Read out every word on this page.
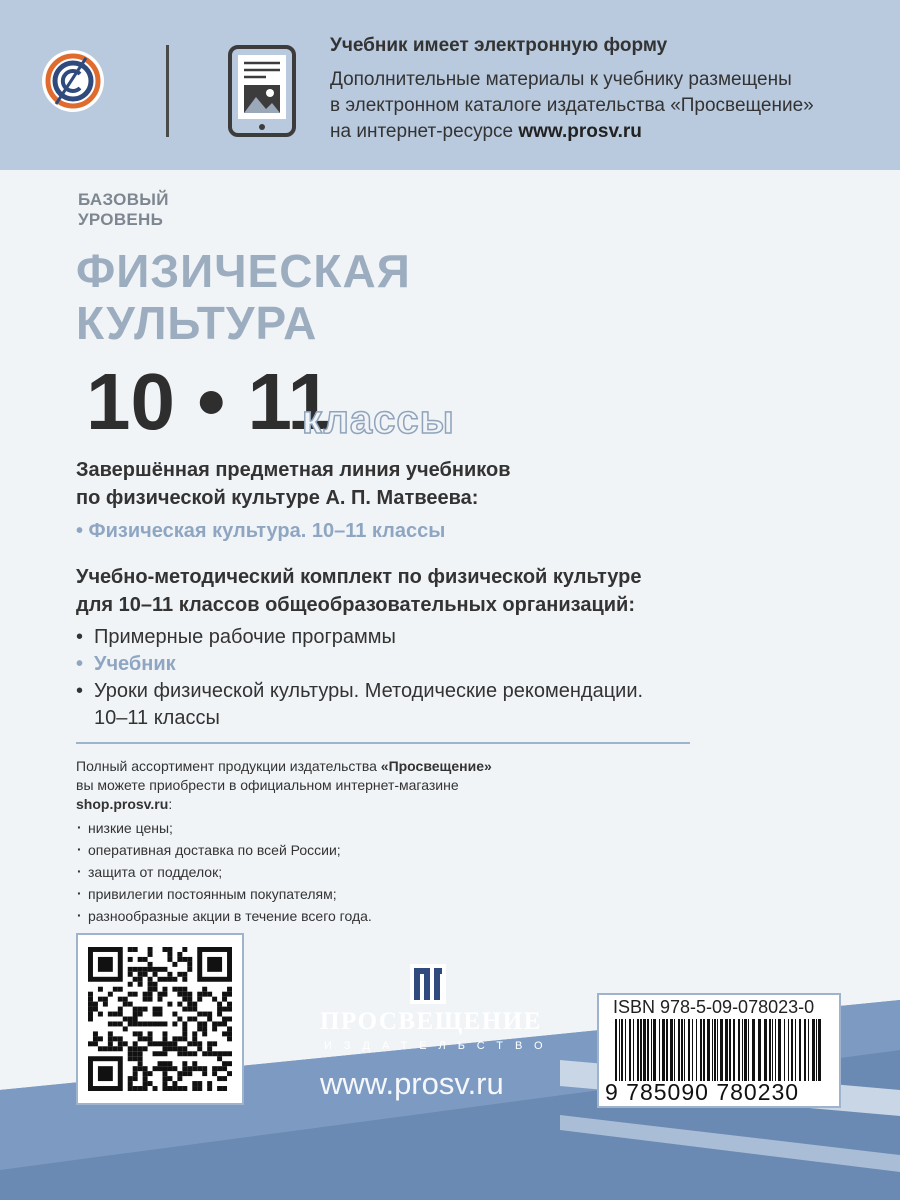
Учебник имеет электронную форму
Дополнительные материалы к учебнику размещены
в электронном каталоге издательства «Просвещение»
на интернет-ресурсе www.prosv.ru
БАЗОВЫЙ
УРОВЕНЬ
ФИЗИЧЕСКАЯ
КУЛЬТУРА
10 • 11
классы
Завершённая предметная линия учебников
по физической культуре А. П. Матвеева:
• Физическая культура. 10–11 классы
Учебно-методический комплект по физической культуре
для 10–11 классов общеобразовательных организаций:
• Примерные рабочие программы
• Учебник
• Уроки физической культуры. Методические рекомендации.
10–11 классы
Полный ассортимент продукции издательства «Просвещение»
вы можете приобрести в официальном интернет-магазине
shop.prosv.ru:
· низкие цены;
· оперативная доставка по всей России;
· защита от подделок;
· привилегии постоянным покупателям;
· разнообразные акции в течение всего года.
ПРОСВЕЩЕНИЕ
ИЗДАТЕЛЬСТВО
www.prosv.ru
ISBN 978-5-09-078023-0
9 785090 780230
